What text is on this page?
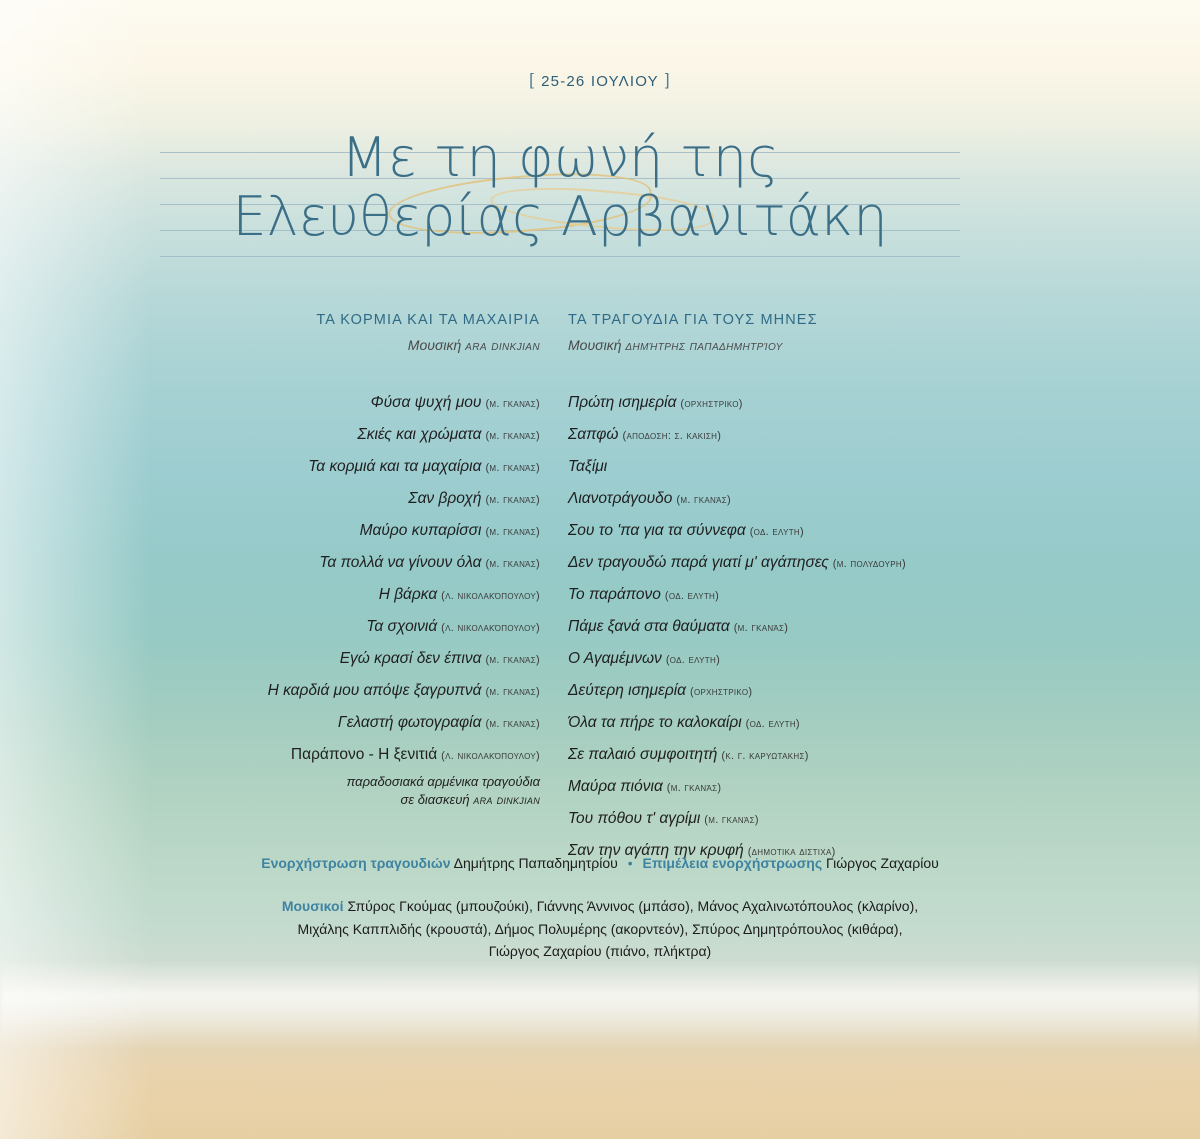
[ 25-26 ΙΟΥΛΙΟΥ ]
Με τη φωνή της
Ελευθερίας Αρβανιτάκη
ΤΑ ΚΟΡΜΙΑ ΚΑΙ ΤΑ ΜΑΧΑΙΡΙΑ
Μουσική ara dinkjian
Φύσα ψυχή μου (μ. γκανάς)
Σκιές και χρώματα (μ. γκανάς)
Τα κορμιά και τα μαχαίρια (μ. γκανάς)
Σαν βροχή (μ. γκανάς)
Μαύρο κυπαρίσσι (μ. γκανάς)
Τα πολλά να γίνουν όλα (μ. γκανάς)
Η βάρκα (λ. νικολακόπουλου)
Τα σχοινιά (λ. νικολακόπουλου)
Εγώ κρασί δεν έπινα (μ. γκανάς)
Η καρδιά μου απόψε ξαγρυπνά (μ. γκανάς)
Γελαστή φωτογραφία (μ. γκανάς)
Παράπονο - Η ξενιτιά (λ. νικολακόπουλου)
παραδοσιακά αρμένικα τραγούδια
σε διασκευή ara dinkjian
ΤΑ ΤΡΑΓΟΥΔΙΑ ΓΙΑ ΤΟΥΣ ΜΗΝΕΣ
Μουσική δημήτρης παπαδημητρίου
Πρώτη ισημερία (ορχηστρικο)
Σαπφώ (αποδοση: σ. κακιση)
Ταξίμι
Λιανοτράγουδο (μ. γκανάς)
Σου το 'πα για τα σύννεφα (οδ. ελυτη)
Δεν τραγουδώ παρά γιατί μ' αγάπησες (μ. πολυδουρη)
Το παράπονο (οδ. ελυτη)
Πάμε ξανά στα θαύματα (μ. γκανάς)
Ο Αγαμέμνων (οδ. ελυτη)
Δεύτερη ισημερία (ορχηστρικο)
Όλα τα πήρε το καλοκαίρι (οδ. ελυτη)
Σε παλαιό συμφοιτητή (κ. γ. καρυωτακης)
Μαύρα πιόνια (μ. γκανάς)
Του πόθου τ' αγρίμι (μ. γκανάς)
Σαν την αγάπη την κρυφή (δημοτικα διστιχα)
Ενορχήστρωση τραγουδιών Δημήτρης Παπαδημητρίου • Επιμέλεια ενορχήστρωσης Γιώργος Ζαχαρίου
Μουσικοί Σπύρος Γκούμας (μπουζούκι), Γιάννης Άννινος (μπάσο), Μάνος Αχαλινωτόπουλος (κλαρίνο),
Μιχάλης Καππλιδής (κρουστά), Δήμος Πολυμέρης (ακορντεόν), Σπύρος Δημητρόπουλος (κιθάρα),
Γιώργος Ζαχαρίου (πιάνο, πλήκτρα)
